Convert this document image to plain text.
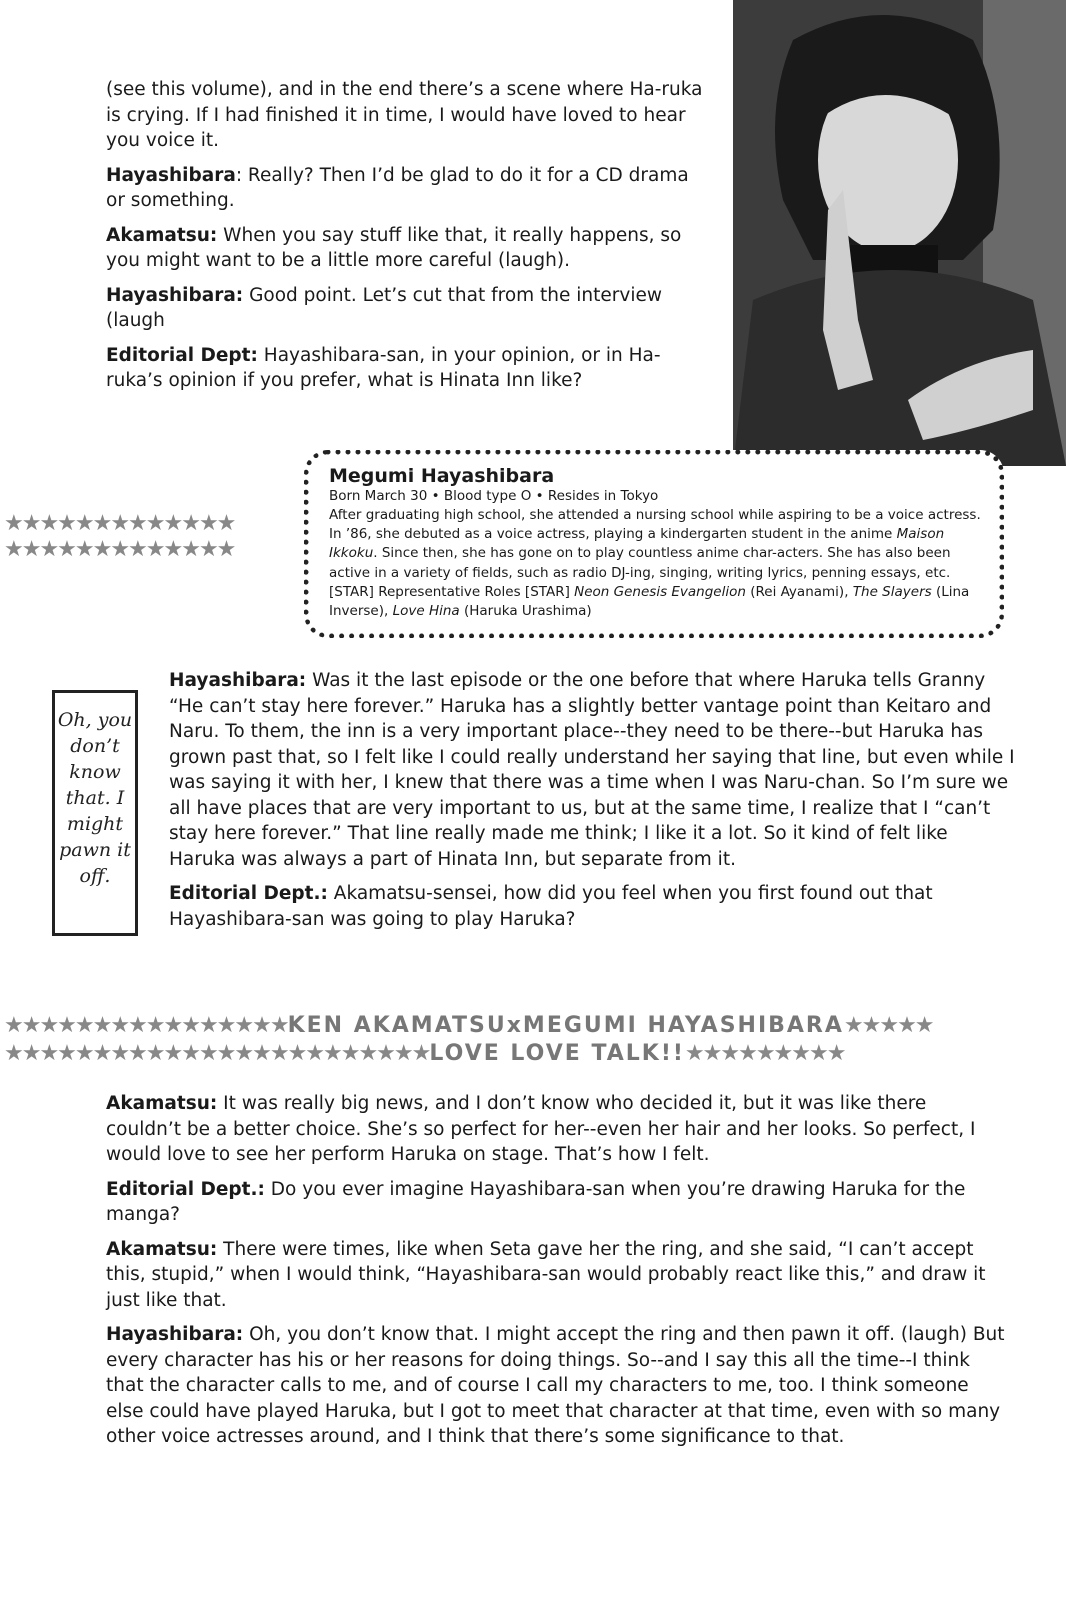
(see this volume), and in the end there’s a scene where Ha-ruka is crying. If I had finished it in time, I would have loved to hear you voice it.

Hayashibara: Really? Then I’d be glad to do it for a CD drama or something.

Akamatsu: When you say stuff like that, it really happens, so you might want to be a little more careful (laugh).

Hayashibara: Good point. Let’s cut that from the interview (laugh

Editorial Dept: Hayashibara-san, in your opinion, or in Ha-ruka’s opinion if you prefer, what is Hinata Inn like?

★★★★★★★★★★★★★
★★★★★★★★★★★★★
Megumi Hayashibara
Born March 30 • Blood type O • Resides in Tokyo
After graduating high school, she attended a nursing school while aspiring to be a voice actress. In ’86, she debuted as a voice actress, playing a kindergarten student in the anime Maison Ikkoku. Since then, she has gone on to play countless anime char-acters. She has also been active in a variety of fields, such as radio DJ-ing, singing, writing lyrics, penning essays, etc. [STAR] Representative Roles [STAR] Neon Genesis Evangelion (Rei Ayanami), The Slayers (Lina Inverse), Love Hina (Haruka Urashima)
Oh, you don’t know that. I might pawn it off.

Hayashibara: Was it the last episode or the one before that where Haruka tells Granny “He can’t stay here forever.” Haruka has a slightly better vantage point than Keitaro and Naru. To them, the inn is a very important place--they need to be there--but Haruka has grown past that, so I felt like I could really understand her saying that line, but even while I was saying it with her, I knew that there was a time when I was Naru-chan. So I’m sure we all have places that are very important to us, but at the same time, I realize that I “can’t stay here forever.” That line really made me think; I like it a lot. So it kind of felt like Haruka was always a part of Hinata Inn, but separate from it.

Editorial Dept.: Akamatsu-sensei, how did you feel when you first found out that Hayashibara-san was going to play Haruka?

★★★★★★★★★★★★★★★★KEN AKAMATSUxMEGUMI HAYASHIBARA★★★★★
★★★★★★★★★★★★★★★★★★★★★★★★LOVE LOVE TALK!!★★★★★★★★★

Akamatsu: It was really big news, and I don’t know who decided it, but it was like there couldn’t be a better choice. She’s so perfect for her--even her hair and her looks. So perfect, I would love to see her perform Haruka on stage. That’s how I felt.

Editorial Dept.: Do you ever imagine Hayashibara-san when you’re drawing Haruka for the manga?

Akamatsu: There were times, like when Seta gave her the ring, and she said, “I can’t accept this, stupid,” when I would think, “Hayashibara-san would probably react like this,” and draw it just like that.

Hayashibara: Oh, you don’t know that. I might accept the ring and then pawn it off. (laugh) But every character has his or her reasons for doing things. So--and I say this all the time--I think that the character calls to me, and of course I call my characters to me, too. I think someone else could have played Haruka, but I got to meet that character at that time, even with so many other voice actresses around, and I think that there’s some significance to that.
